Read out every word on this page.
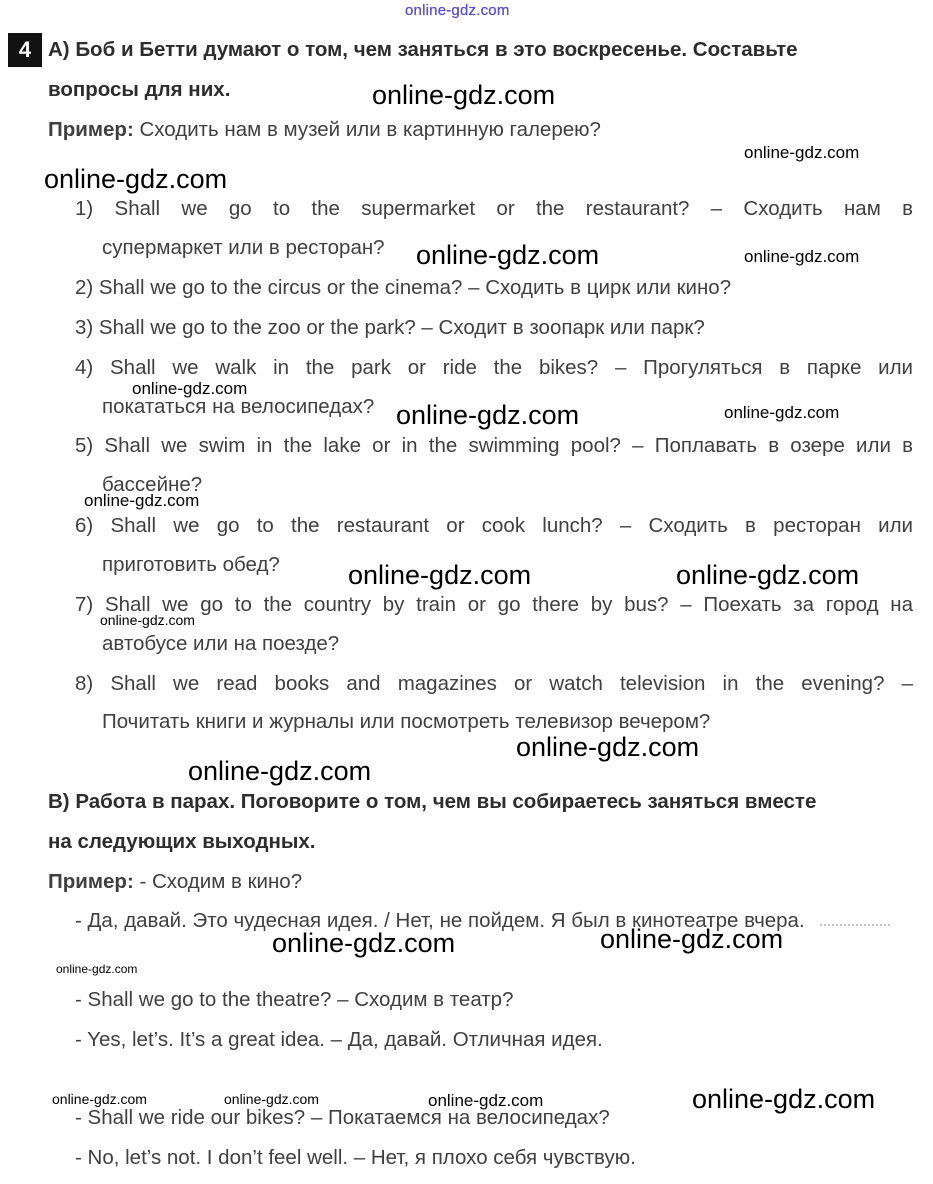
online-gdz.com
4 А) Боб и Бетти думают о том, чем заняться в это воскресенье. Составьте
вопросы для них.
Пример: Сходить нам в музей или в картинную галерею?
1) Shall we go to the supermarket or the restaurant? – Сходить нам в
супермаркет или в ресторан?
2) Shall we go to the circus or the cinema? – Сходить в цирк или кино?
3) Shall we go to the zoo or the park? – Сходит в зоопарк или парк?
4) Shall we walk in the park or ride the bikes? – Прогуляться в парке или
покататься на велосипедах?
5) Shall we swim in the lake or in the swimming pool? – Поплавать в озере или в
бассейне?
6) Shall we go to the restaurant or cook lunch? – Сходить в ресторан или
приготовить обед?
7) Shall we go to the country by train or go there by bus? – Поехать за город на
автобусе или на поезде?
8) Shall we read books and magazines or watch television in the evening? –
Почитать книги и журналы или посмотреть телевизор вечером?
В) Работа в парах. Поговорите о том, чем вы собираетесь заняться вместе
на следующих выходных.
Пример: - Сходим в кино?
- Да, давай. Это чудесная идея. / Нет, не пойдем. Я был в кинотеатре вчера.
- Shall we go to the theatre? – Сходим в театр?
- Yes, let’s. It’s a great idea. – Да, давай. Отличная идея.
- Shall we ride our bikes? – Покатаемся на велосипедах?
- No, let’s not. I don’t feel well. – Нет, я плохо себя чувствую.
online-gdz.com
online-gdz.com
online-gdz.com
online-gdz.com	online-gdz.com
online-gdz.com
online-gdz.com	online-gdz.com
online-gdz.com
online-gdz.com	online-gdz.com
online-gdz.com
online-gdz.com
online-gdz.com
online-gdz.com	online-gdz.com
online-gdz.com
online-gdz.com	online-gdz.com	online-gdz.com	online-gdz.com
